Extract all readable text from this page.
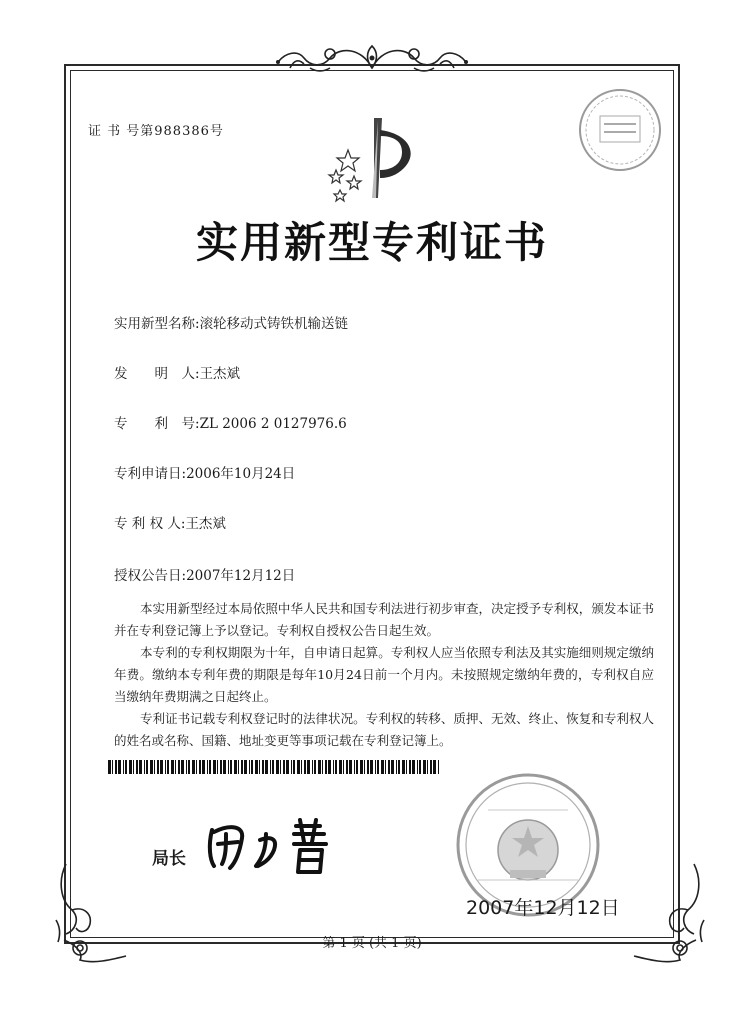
证 书 号第988386号
实用新型专利证书
实用新型名称:滚轮移动式铸铁机输送链
发　　明　人:王杰斌
专　　利　号:ZL 2006 2 0127976.6
专利申请日:2006年10月24日
专 利 权 人:王杰斌
授权公告日:2007年12月12日
本实用新型经过本局依照中华人民共和国专利法进行初步审查，决定授予专利权，颁发本证书并在专利登记簿上予以登记。专利权自授权公告日起生效。
本专利的专利权期限为十年，自申请日起算。专利权人应当依照专利法及其实施细则规定缴纳年费。缴纳本专利年费的期限是每年10月24日前一个月内。未按照规定缴纳年费的，专利权自应当缴纳年费期满之日起终止。
专利证书记载专利权登记时的法律状况。专利权的转移、质押、无效、终止、恢复和专利权人的姓名或名称、国籍、地址变更等事项记载在专利登记簿上。
局长
2007年12月12日
第 1 页 (共 1 页)
